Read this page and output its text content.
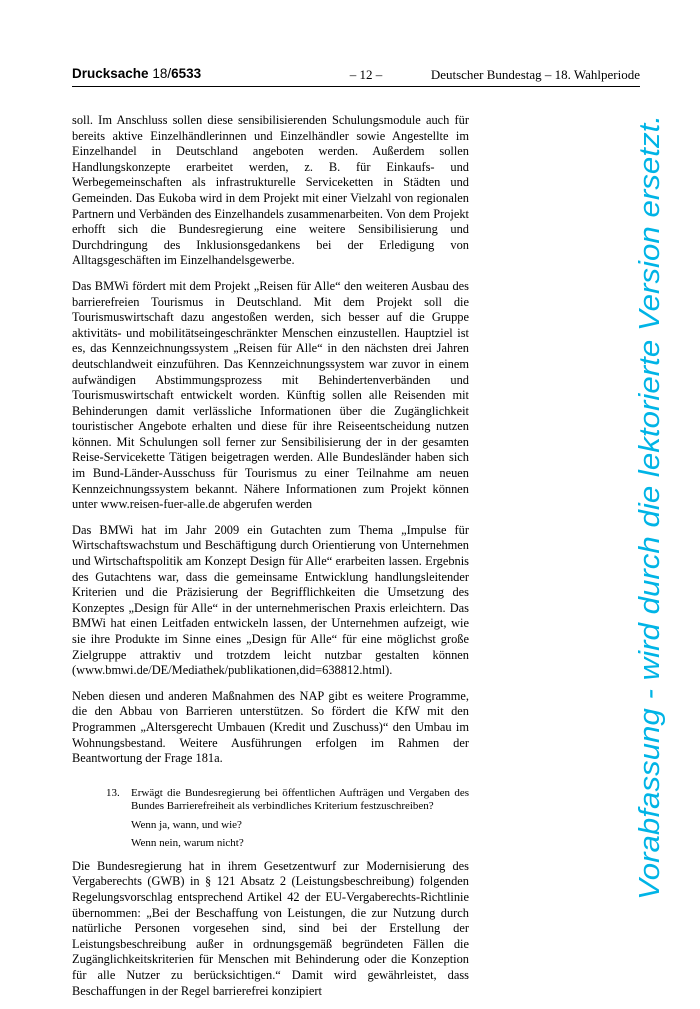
Drucksache 18/6533	– 12 –	Deutscher Bundestag – 18. Wahlperiode

soll. Im Anschluss sollen diese sensibilisierenden Schulungsmodule auch für bereits aktive Einzelhändlerinnen und Einzelhändler sowie Angestellte im Einzelhandel in Deutschland angeboten werden. Außerdem sollen Handlungskonzepte erarbeitet werden, z. B. für Einkaufs- und Werbegemeinschaften als infrastrukturelle Serviceketten in Städten und Gemeinden. Das Eukoba wird in dem Projekt mit einer Vielzahl von regionalen Partnern und Verbänden des Einzelhandels zusammenarbeiten. Von dem Projekt erhofft sich die Bundesregierung eine weitere Sensibilisierung und Durchdringung des Inklusionsgedankens bei der Erledigung von Alltagsgeschäften im Einzelhandelsgewerbe.

Das BMWi fördert mit dem Projekt „Reisen für Alle“ den weiteren Ausbau des barrierefreien Tourismus in Deutschland. Mit dem Projekt soll die Tourismuswirtschaft dazu angestoßen werden, sich besser auf die Gruppe aktivitäts- und mobilitätseingeschränkter Menschen einzustellen. Hauptziel ist es, das Kennzeichnungssystem „Reisen für Alle“ in den nächsten drei Jahren deutschlandweit einzuführen. Das Kennzeichnungssystem war zuvor in einem aufwändigen Abstimmungsprozess mit Behindertenverbänden und Tourismuswirtschaft entwickelt worden. Künftig sollen alle Reisenden mit Behinderungen damit verlässliche Informationen über die Zugänglichkeit touristischer Angebote erhalten und diese für ihre Reiseentscheidung nutzen können. Mit Schulungen soll ferner zur Sensibilisierung der in der gesamten Reise-Servicekette Tätigen beigetragen werden. Alle Bundesländer haben sich im Bund-Länder-Ausschuss für Tourismus zu einer Teilnahme am neuen Kennzeichnungssystem bekannt. Nähere Informationen zum Projekt können unter www.reisen-fuer-alle.de abgerufen werden

Das BMWi hat im Jahr 2009 ein Gutachten zum Thema „Impulse für Wirtschaftswachstum und Beschäftigung durch Orientierung von Unternehmen und Wirtschaftspolitik am Konzept Design für Alle“ erarbeiten lassen. Ergebnis des Gutachtens war, dass die gemeinsame Entwicklung handlungsleitender Kriterien und die Präzisierung der Begrifflichkeiten die Umsetzung des Konzeptes „Design für Alle“ in der unternehmerischen Praxis erleichtern. Das BMWi hat einen Leitfaden entwickeln lassen, der Unternehmen aufzeigt, wie sie ihre Produkte im Sinne eines „Design für Alle“ für eine möglichst große Zielgruppe attraktiv und trotzdem leicht nutzbar gestalten können (www.bmwi.de/DE/Mediathek/publikationen,did=638812.html).

Neben diesen und anderen Maßnahmen des NAP gibt es weitere Programme, die den Abbau von Barrieren unterstützen. So fördert die KfW mit den Programmen „Altersgerecht Umbauen (Kredit und Zuschuss)“ den Umbau im Wohnungsbestand. Weitere Ausführungen erfolgen im Rahmen der Beantwortung der Frage 181a.

13. Erwägt die Bundesregierung bei öffentlichen Aufträgen und Vergaben des Bundes Barrierefreiheit als verbindliches Kriterium festzuschreiben?

Wenn ja, wann, und wie?

Wenn nein, warum nicht?

Die Bundesregierung hat in ihrem Gesetzentwurf zur Modernisierung des Vergaberechts (GWB) in § 121 Absatz 2 (Leistungsbeschreibung) folgenden Regelungsvorschlag entsprechend Artikel 42 der EU-Vergaberechts-Richtlinie übernommen: „Bei der Beschaffung von Leistungen, die zur Nutzung durch natürliche Personen vorgesehen sind, sind bei der Erstellung der Leistungsbeschreibung außer in ordnungsgemäß begründeten Fällen die Zugänglichkeitskriterien für Menschen mit Behinderung oder die Konzeption für alle Nutzer zu berücksichtigen.“ Damit wird gewährleistet, dass Beschaffungen in der Regel barrierefrei konzipiert

Vorabfassung - wird durch die lektorierte Version ersetzt.
